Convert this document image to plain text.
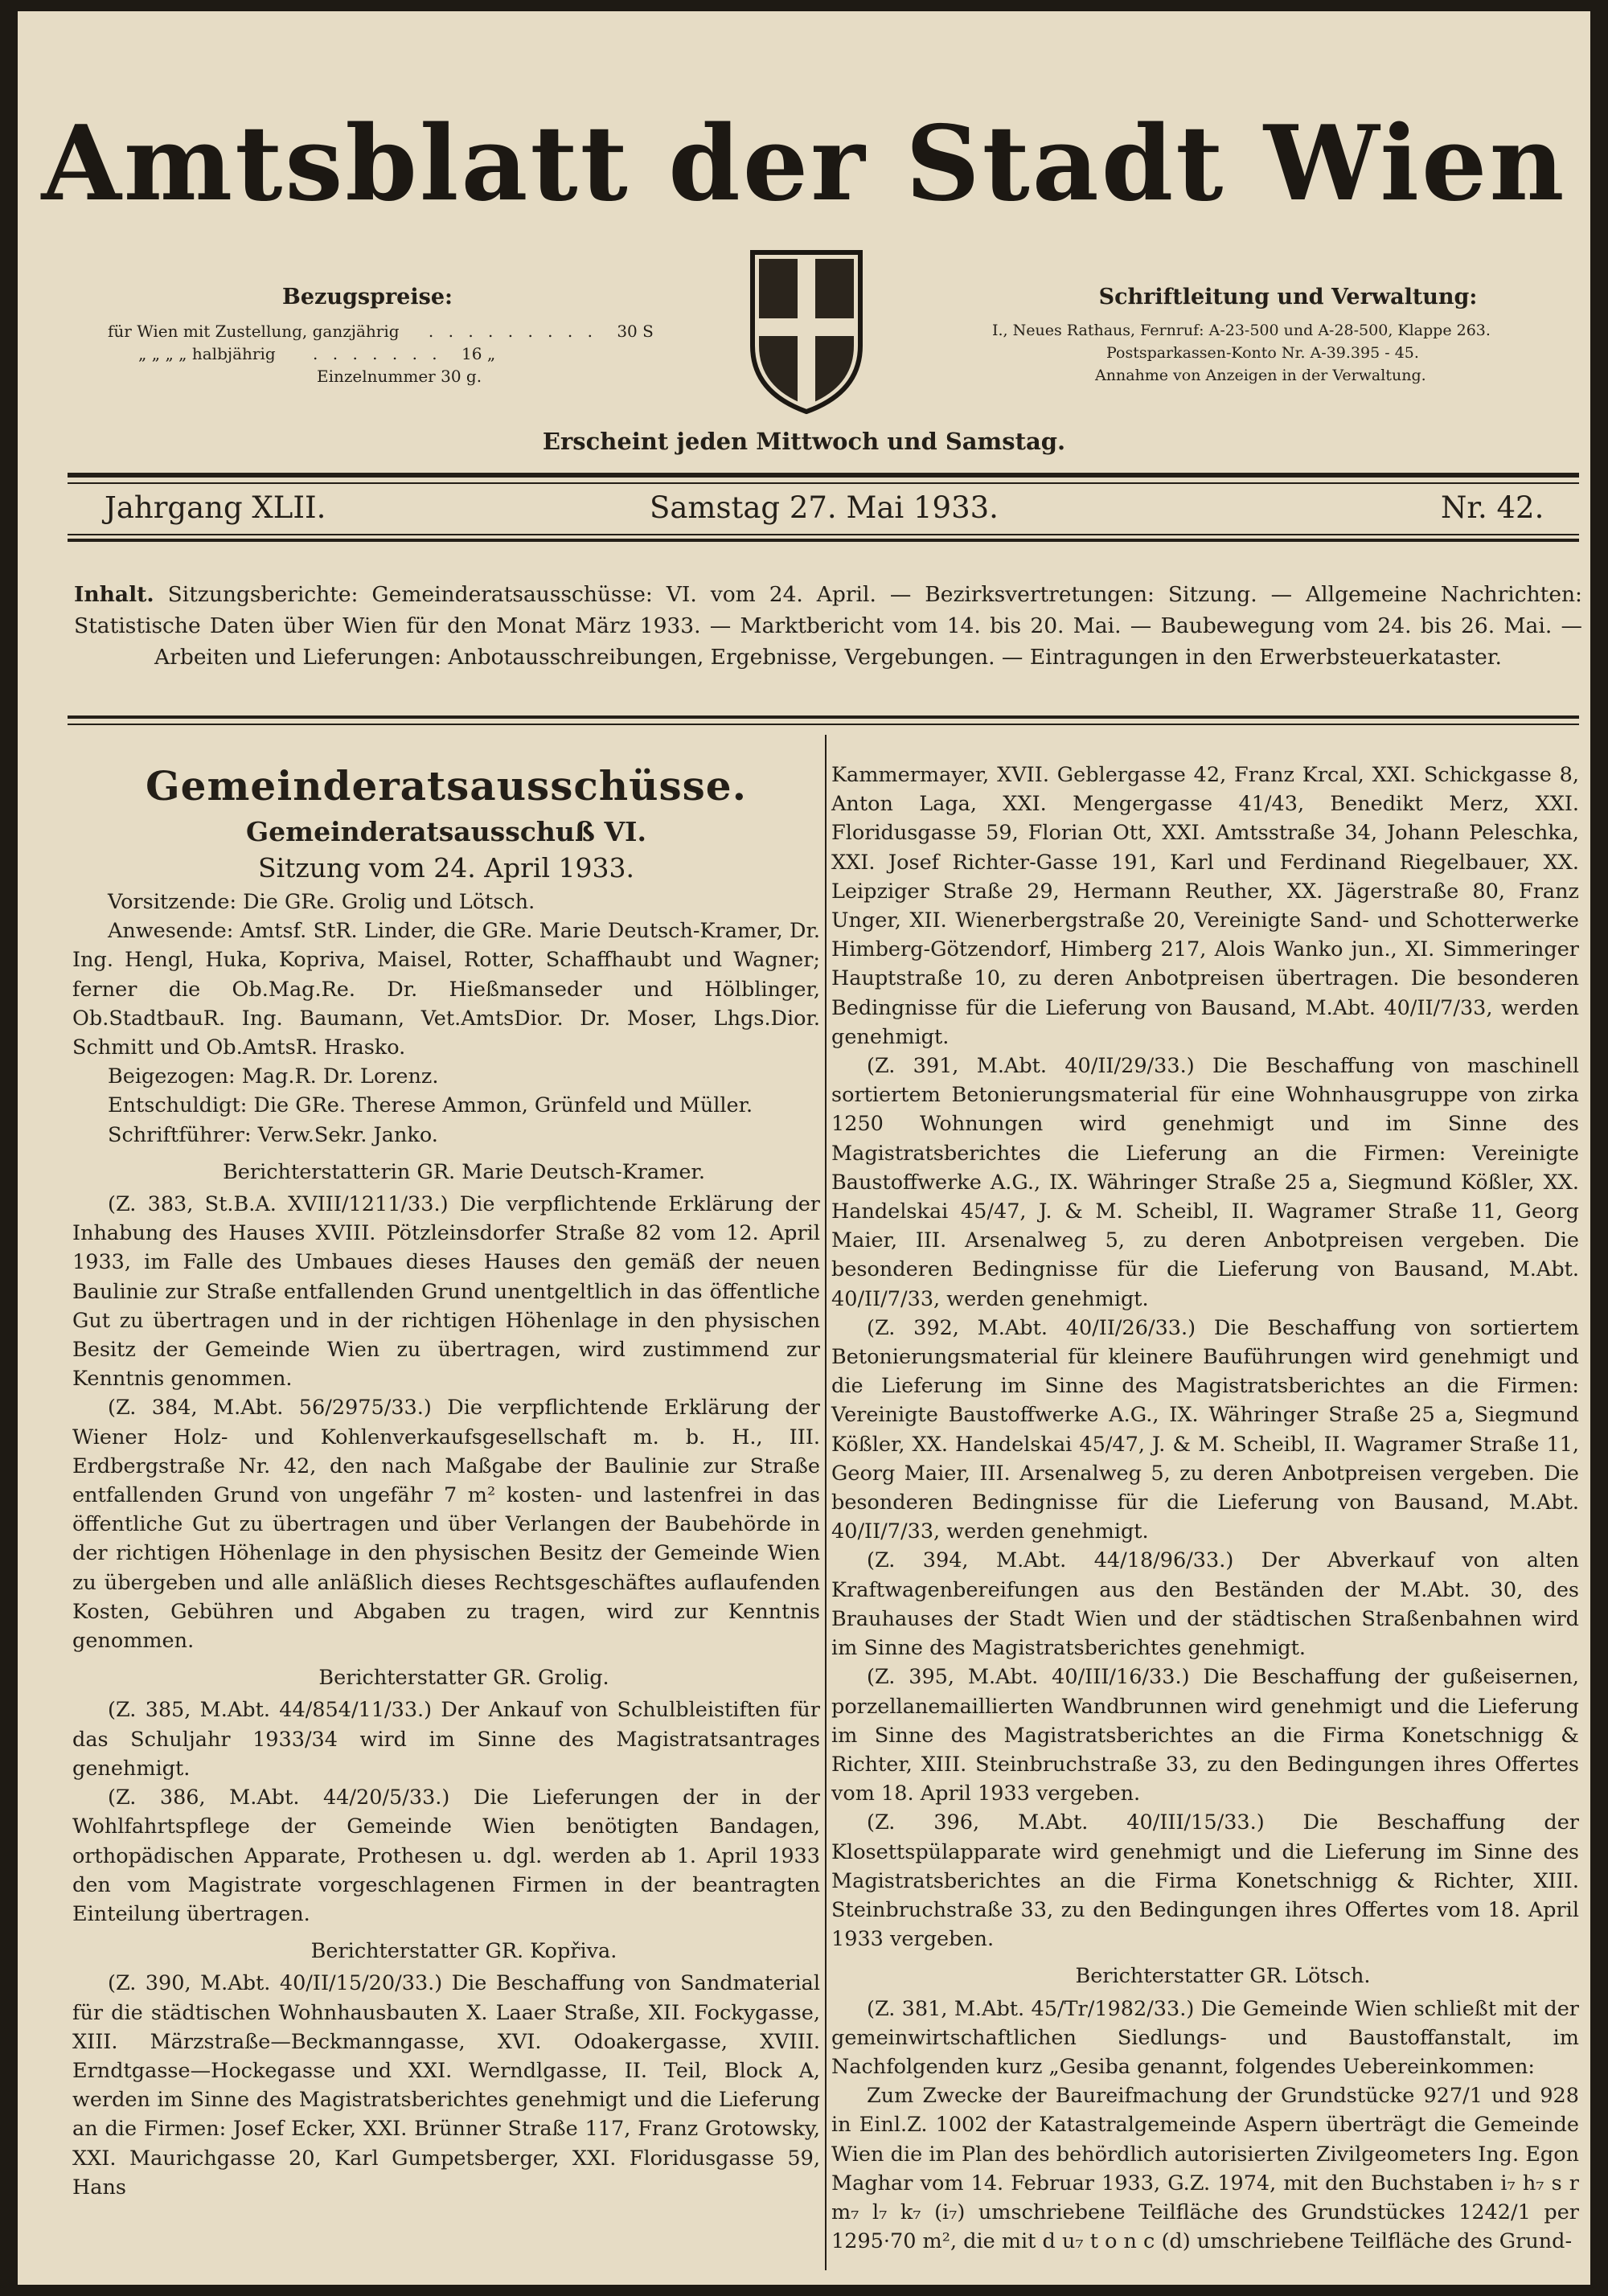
Amtsblatt der Stadt Wien
Bezugspreise:
für Wien mit Zustellung, ganzjährig . . . . . . . . . 30 S
„ „ „ „ halbjährig . . . . . . . 16 „
Einzelnummer 30 g.
Schriftleitung und Verwaltung:
I., Neues Rathaus, Fernruf: A-23-500 und A-28-500, Klappe 263.
Postsparkassen-Konto Nr. A-39.395 - 45.
Annahme von Anzeigen in der Verwaltung.
Erscheint jeden Mittwoch und Samstag.
Jahrgang XLII.	Samstag 27. Mai 1933.	Nr. 42.
Inhalt. Sitzungsberichte: Gemeinderatsausschüsse: VI. vom 24. April. — Bezirksvertretungen: Sitzung. — Allgemeine Nachrichten: Statistische Daten über Wien für den Monat März 1933. — Marktbericht vom 14. bis 20. Mai. — Baubewegung vom 24. bis 26. Mai. — Arbeiten und Lieferungen: Anbotausschreibungen, Ergebnisse, Vergebungen. — Eintragungen in den Erwerbsteuerkataster.
Gemeinderatsausschüsse.
Gemeinderatsausschuß VI.
Sitzung vom 24. April 1933.

Vorsitzende: Die GRe. Grolig und Lötsch.

Anwesende: Amtsf. StR. Linder, die GRe. Marie Deutsch-Kramer, Dr. Ing. Hengl, Huka, Kopriva, Maisel, Rotter, Schaffhaubt und Wagner; ferner die Ob.Mag.Re. Dr. Hießmanseder und Hölblinger, Ob.StadtbauR. Ing. Baumann, Vet.AmtsDior. Dr. Moser, Lhgs.Dior. Schmitt und Ob.AmtsR. Hrasko.

Beigezogen: Mag.R. Dr. Lorenz.

Entschuldigt: Die GRe. Therese Ammon, Grünfeld und Müller.

Schriftführer: Verw.Sekr. Janko.

Berichterstatterin GR. Marie Deutsch-Kramer.

(Z. 383, St.B.A. XVIII/1211/33.) Die verpflichtende Erklärung der Inhabung des Hauses XVIII. Pötzleinsdorfer Straße 82 vom 12. April 1933, im Falle des Umbaues dieses Hauses den gemäß der neuen Baulinie zur Straße entfallenden Grund unentgeltlich in das öffentliche Gut zu übertragen und in der richtigen Höhenlage in den physischen Besitz der Gemeinde Wien zu übertragen, wird zustimmend zur Kenntnis genommen.

(Z. 384, M.Abt. 56/2975/33.) Die verpflichtende Erklärung der Wiener Holz- und Kohlenverkaufsgesellschaft m. b. H., III. Erdbergstraße Nr. 42, den nach Maßgabe der Baulinie zur Straße entfallenden Grund von ungefähr 7 m² kosten- und lastenfrei in das öffentliche Gut zu übertragen und über Verlangen der Baubehörde in der richtigen Höhenlage in den physischen Besitz der Gemeinde Wien zu übergeben und alle anläßlich dieses Rechtsgeschäftes auflaufenden Kosten, Gebühren und Abgaben zu tragen, wird zur Kenntnis genommen.

Berichterstatter GR. Grolig.

(Z. 385, M.Abt. 44/854/11/33.) Der Ankauf von Schulbleistiften für das Schuljahr 1933/34 wird im Sinne des Magistratsantrages genehmigt.

(Z. 386, M.Abt. 44/20/5/33.) Die Lieferungen der in der Wohlfahrtspflege der Gemeinde Wien benötigten Bandagen, orthopädischen Apparate, Prothesen u. dgl. werden ab 1. April 1933 den vom Magistrate vorgeschlagenen Firmen in der beantragten Einteilung übertragen.

Berichterstatter GR. Kopřiva.

(Z. 390, M.Abt. 40/II/15/20/33.) Die Beschaffung von Sandmaterial für die städtischen Wohnhausbauten X. Laaer Straße, XII. Fockygasse, XIII. Märzstraße—Beckmanngasse, XVI. Odoakergasse, XVIII. Erndtgasse—Hockegasse und XXI. Werndlgasse, II. Teil, Block A, werden im Sinne des Magistratsberichtes genehmigt und die Lieferung an die Firmen: Josef Ecker, XXI. Brünner Straße 117, Franz Grotowsky, XXI. Maurichgasse 20, Karl Gumpetsberger, XXI. Floridusgasse 59, Hans

Kammermayer, XVII. Geblergasse 42, Franz Krcal, XXI. Schickgasse 8, Anton Laga, XXI. Mengergasse 41/43, Benedikt Merz, XXI. Floridusgasse 59, Florian Ott, XXI. Amtsstraße 34, Johann Peleschka, XXI. Josef Richter-Gasse 191, Karl und Ferdinand Riegelbauer, XX. Leipziger Straße 29, Hermann Reuther, XX. Jägerstraße 80, Franz Unger, XII. Wienerbergstraße 20, Vereinigte Sand- und Schotterwerke Himberg-Götzendorf, Himberg 217, Alois Wanko jun., XI. Simmeringer Hauptstraße 10, zu deren Anbotpreisen übertragen. Die besonderen Bedingnisse für die Lieferung von Bausand, M.Abt. 40/II/7/33, werden genehmigt.

(Z. 391, M.Abt. 40/II/29/33.) Die Beschaffung von maschinell sortiertem Betonierungsmaterial für eine Wohnhausgruppe von zirka 1250 Wohnungen wird genehmigt und im Sinne des Magistratsberichtes die Lieferung an die Firmen: Vereinigte Baustoffwerke A.G., IX. Währinger Straße 25 a, Siegmund Kößler, XX. Handelskai 45/47, J. & M. Scheibl, II. Wagramer Straße 11, Georg Maier, III. Arsenalweg 5, zu deren Anbotpreisen vergeben. Die besonderen Bedingnisse für die Lieferung von Bausand, M.Abt. 40/II/7/33, werden genehmigt.

(Z. 392, M.Abt. 40/II/26/33.) Die Beschaffung von sortiertem Betonierungsmaterial für kleinere Bauführungen wird genehmigt und die Lieferung im Sinne des Magistratsberichtes an die Firmen: Vereinigte Baustoffwerke A.G., IX. Währinger Straße 25 a, Siegmund Kößler, XX. Handelskai 45/47, J. & M. Scheibl, II. Wagramer Straße 11, Georg Maier, III. Arsenalweg 5, zu deren Anbotpreisen vergeben. Die besonderen Bedingnisse für die Lieferung von Bausand, M.Abt. 40/II/7/33, werden genehmigt.

(Z. 394, M.Abt. 44/18/96/33.) Der Abverkauf von alten Kraftwagenbereifungen aus den Beständen der M.Abt. 30, des Brauhauses der Stadt Wien und der städtischen Straßenbahnen wird im Sinne des Magistratsberichtes genehmigt.

(Z. 395, M.Abt. 40/III/16/33.) Die Beschaffung der gußeisernen, porzellanemaillierten Wandbrunnen wird genehmigt und die Lieferung im Sinne des Magistratsberichtes an die Firma Konetschnigg & Richter, XIII. Steinbruchstraße 33, zu den Bedingungen ihres Offertes vom 18. April 1933 vergeben.

(Z. 396, M.Abt. 40/III/15/33.) Die Beschaffung der Klosettspülapparate wird genehmigt und die Lieferung im Sinne des Magistratsberichtes an die Firma Konetschnigg & Richter, XIII. Steinbruchstraße 33, zu den Bedingungen ihres Offertes vom 18. April 1933 vergeben.

Berichterstatter GR. Lötsch.

(Z. 381, M.Abt. 45/Tr/1982/33.) Die Gemeinde Wien schließt mit der gemeinwirtschaftlichen Siedlungs- und Baustoffanstalt, im Nachfolgenden kurz „Gesiba genannt, folgendes Uebereinkommen:

Zum Zwecke der Baureifmachung der Grundstücke 927/1 und 928 in Einl.Z. 1002 der Katastralgemeinde Aspern überträgt die Gemeinde Wien die im Plan des behördlich autorisierten Zivilgeometers Ing. Egon Maghar vom 14. Februar 1933, G.Z. 1974, mit den Buchstaben i₇ h₇ s r m₇ l₇ k₇ (i₇) umschriebene Teilfläche des Grundstückes 1242/1 per 1295·70 m², die mit d u₇ t o n c (d) umschriebene Teilfläche des Grund-
